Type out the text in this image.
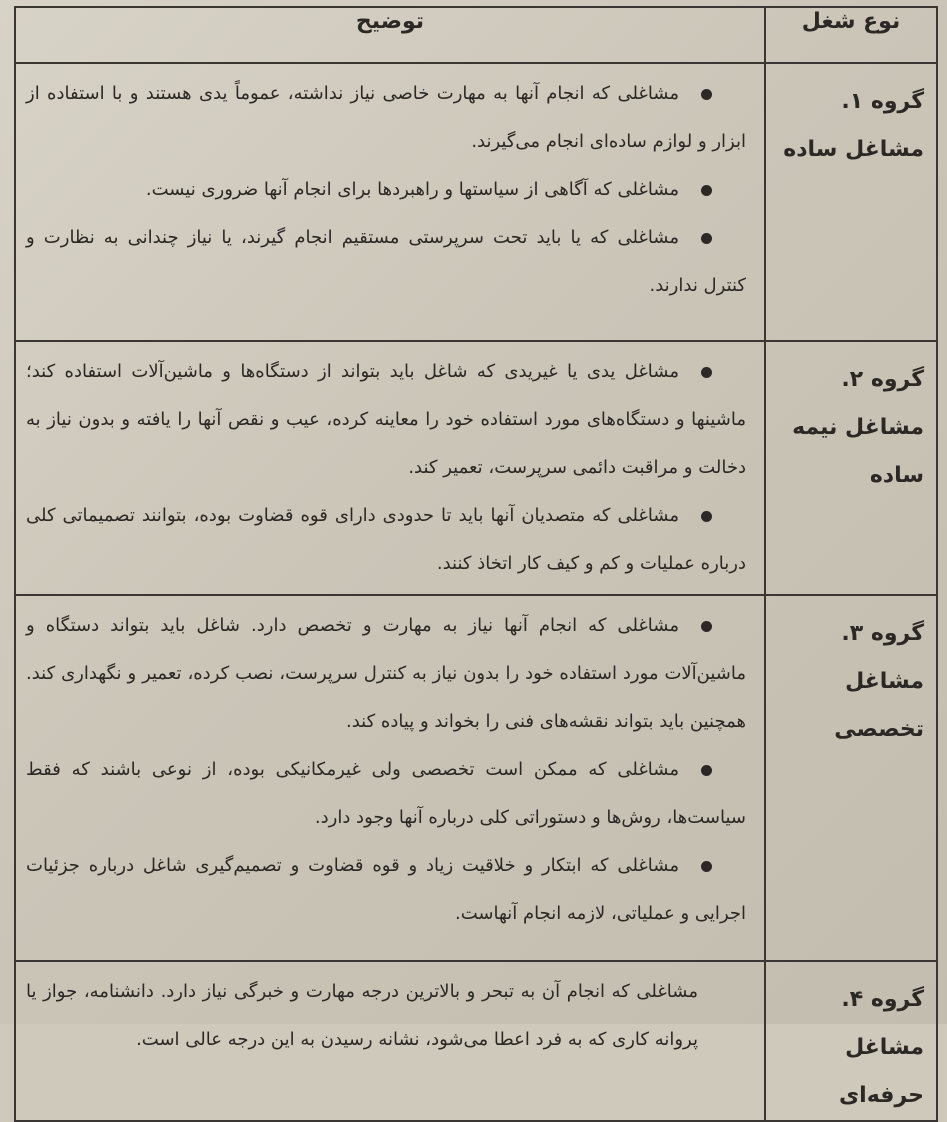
نوع شغل	توضیح
گروه ۱. مشاغل ساده	مشاغلی که انجام آنها به مهارت خاصی نیاز نداشته، عموماً یدی هستند و با استفاده از ابزار و لوازم ساده‌ای انجام می‌گیرند.

مشاغلی که آگاهی از سیاستها و راهبردها برای انجام آنها ضروری نیست.

مشاغلی که یا باید تحت سرپرستی مستقیم انجام گیرند، یا نیاز چندانی به نظارت و کنترل ندارند.

گروه ۲. مشاغل نیمه ساده	مشاغل یدی یا غیریدی که شاغل باید بتواند از دستگاه‌ها و ماشین‌آلات استفاده کند؛ ماشینها و دستگاه‌های مورد استفاده خود را معاینه کرده، عیب و نقص آنها را یافته و بدون نیاز به دخالت و مراقبت دائمی سرپرست، تعمیر کند.

مشاغلی که متصدیان آنها باید تا حدودی دارای قوه قضاوت بوده، بتوانند تصمیماتی کلی درباره عملیات و کم و کیف کار اتخاذ کنند.

گروه ۳. مشاغل تخصصی	مشاغلی که انجام آنها نیاز به مهارت و تخصص دارد. شاغل باید بتواند دستگاه و ماشین‌آلات مورد استفاده خود را بدون نیاز به کنترل سرپرست، نصب کرده، تعمیر و نگهداری کند. همچنین باید بتواند نقشه‌های فنی را بخواند و پیاده کند.

مشاغلی که ممکن است تخصصی ولی غیرمکانیکی بوده، از نوعی باشند که فقط سیاست‌ها، روش‌ها و دستوراتی کلی درباره آنها وجود دارد.

مشاغلی که ابتکار و خلاقیت زیاد و قوه قضاوت و تصمیم‌گیری شاغل درباره جزئیات اجرایی و عملیاتی، لازمه انجام آنهاست.

گروه ۴. مشاغل حرفه‌ای	مشاغلی که انجام آن به تبحر و بالاترین درجه مهارت و خبرگی نیاز دارد. دانشنامه، جواز یا پروانه کاری که به فرد اعطا می‌شود، نشانه رسیدن به این درجه عالی است.
